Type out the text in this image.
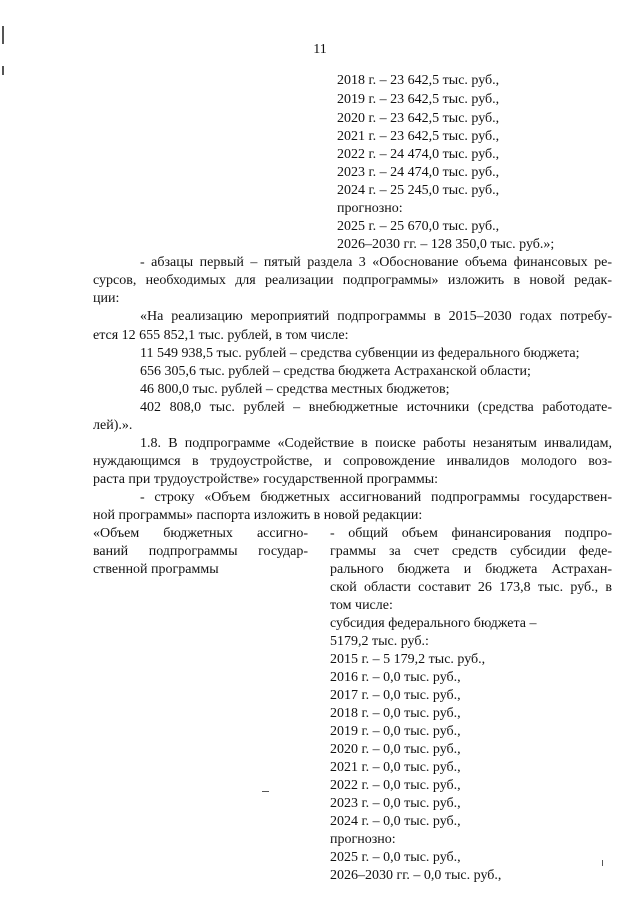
11
2018 г. – 23 642,5 тыс. руб.,
2019 г. – 23 642,5 тыс. руб.,
2020 г. – 23 642,5 тыс. руб.,
2021 г. – 23 642,5 тыс. руб.,
2022 г. – 24 474,0 тыс. руб.,
2023 г. – 24 474,0 тыс. руб.,
2024 г. – 25 245,0 тыс. руб.,
прогнозно:
2025 г. – 25 670,0 тыс. руб.,
2026–2030 гг. – 128 350,0 тыс. руб.»;
- абзацы первый – пятый раздела 3 «Обоснование объема финансовых ре-
сурсов, необходимых для реализации подпрограммы» изложить в новой редак-
ции:
«На реализацию мероприятий подпрограммы в 2015–2030 годах потребу-
ется 12 655 852,1 тыс. рублей, в том числе:
11 549 938,5 тыс. рублей – средства субвенции из федерального бюджета;
656 305,6 тыс. рублей – средства бюджета Астраханской области;
46 800,0 тыс. рублей – средства местных бюджетов;
402 808,0 тыс. рублей – внебюджетные источники (средства работодате-
лей).».
1.8. В подпрограмме «Содействие в поиске работы незанятым инвалидам,
нуждающимся в трудоустройстве, и сопровождение инвалидов молодого воз-
раста при трудоустройстве» государственной программы:
- строку «Объем бюджетных ассигнований подпрограммы государствен-
ной программы» паспорта изложить в новой редакции:
«Объем бюджетных ассигно-
ваний подпрограммы государ-
ственной программы
- общий объем финансирования подпро-
граммы за счет средств субсидии феде-
рального бюджета и бюджета Астрахан-
ской области составит 26 173,8 тыс. руб., в
том числе:
субсидия федерального бюджета –
5179,2 тыс. руб.:
2015 г. – 5 179,2 тыс. руб.,
2016 г. – 0,0 тыс. руб.,
2017 г. – 0,0 тыс. руб.,
2018 г. – 0,0 тыс. руб.,
2019 г. – 0,0 тыс. руб.,
2020 г. – 0,0 тыс. руб.,
2021 г. – 0,0 тыс. руб.,
2022 г. – 0,0 тыс. руб.,
2023 г. – 0,0 тыс. руб.,
2024 г. – 0,0 тыс. руб.,
прогнозно:
2025 г. – 0,0 тыс. руб.,
2026–2030 гг. – 0,0 тыс. руб.,
